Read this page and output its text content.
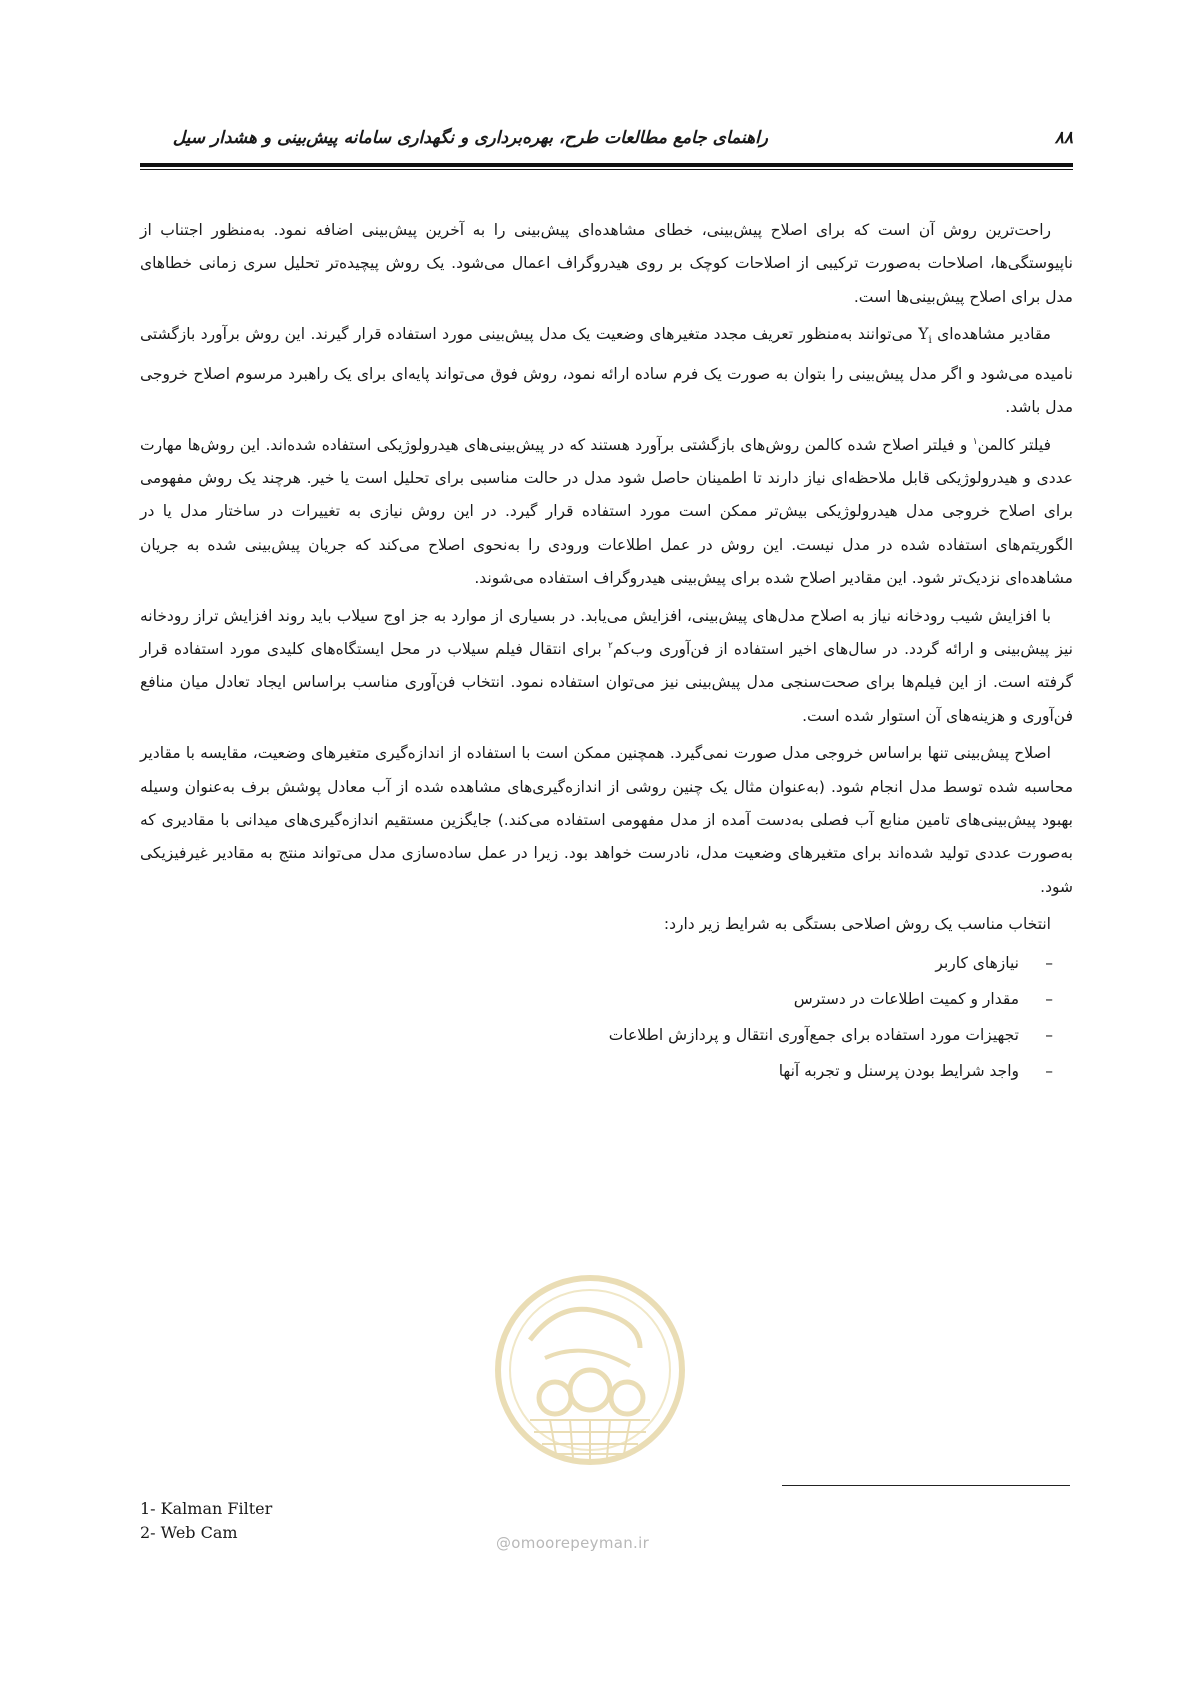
۸۸
راهنمای جامع مطالعات طرح، بهره‌برداری و نگهداری سامانه پیش‌بینی و هشدار سیل

راحت‌ترین روش آن است که برای اصلاح پیش‌بینی، خطای مشاهده‌ای پیش‌بینی را به آخرین پیش‌بینی اضافه نمود. به‌منظور اجتناب از ناپیوستگی‌ها، اصلاحات به‌صورت ترکیبی از اصلاحات کوچک بر روی هیدروگراف اعمال می‌شود. یک روش پیچیده‌تر تحلیل سری زمانی خطاهای مدل برای اصلاح پیش‌بینی‌ها است.

مقادیر مشاهده‌ای $Y_i$ می‌توانند به‌منظور تعریف مجدد متغیرهای وضعیت یک مدل پیش‌بینی مورد استفاده قرار گیرند. این روش برآورد بازگشتی نامیده می‌شود و اگر مدل پیش‌بینی را بتوان به صورت یک فرم ساده ارائه نمود، روش فوق می‌تواند پایه‌ای برای یک راهبرد مرسوم اصلاح خروجی مدل باشد.

فیلتر کالمن$^۱$ و فیلتر اصلاح شده کالمن روش‌های بازگشتی برآورد هستند که در پیش‌بینی‌های هیدرولوژیکی استفاده شده‌اند. این روش‌ها مهارت عددی و هیدرولوژیکی قابل ملاحظه‌ای نیاز دارند تا اطمینان حاصل شود مدل در حالت مناسبی برای تحلیل است یا خیر. هرچند یک روش مفهومی برای اصلاح خروجی مدل هیدرولوژیکی بیش‌تر ممکن است مورد استفاده قرار گیرد. در این روش نیازی به تغییرات در ساختار مدل یا در الگوریتم‌های استفاده شده در مدل نیست. این روش در عمل اطلاعات ورودی را به‌نحوی اصلاح می‌کند که جریان پیش‌بینی شده به جریان مشاهده‌ای نزدیک‌تر شود. این مقادیر اصلاح شده برای پیش‌بینی هیدروگراف استفاده می‌شوند.

با افزایش شیب رودخانه نیاز به اصلاح مدل‌های پیش‌بینی، افزایش می‌یابد. در بسیاری از موارد به جز اوج سیلاب باید روند افزایش تراز رودخانه نیز پیش‌بینی و ارائه گردد. در سال‌های اخیر استفاده از فن‌آوری وب‌کم$^۲$ برای انتقال فیلم سیلاب در محل ایستگاه‌های کلیدی مورد استفاده قرار گرفته است. از این فیلم‌ها برای صحت‌سنجی مدل پیش‌بینی نیز می‌توان استفاده نمود. انتخاب فن‌آوری مناسب براساس ایجاد تعادل میان منافع فن‌آوری و هزینه‌های آن استوار شده است.

اصلاح پیش‌بینی تنها براساس خروجی مدل صورت نمی‌گیرد. همچنین ممکن است با استفاده از اندازه‌گیری متغیرهای وضعیت، مقایسه با مقادیر محاسبه شده توسط مدل انجام شود. (به‌عنوان مثال یک چنین روشی از اندازه‌گیری‌های مشاهده شده از آب معادل پوشش برف به‌عنوان وسیله بهبود پیش‌بینی‌های تامین منابع آب فصلی به‌دست آمده از مدل مفهومی استفاده می‌کند.) جایگزین مستقیم اندازه‌گیری‌های میدانی با مقادیری که به‌صورت عددی تولید شده‌اند برای متغیرهای وضعیت مدل، نادرست خواهد بود. زیرا در عمل ساده‌سازی مدل می‌تواند منتج به مقادیر غیرفیزیکی شود.

انتخاب مناسب یک روش اصلاحی بستگی به شرایط زیر دارد:

–
نیازهای کاربر
–
مقدار و کمیت اطلاعات در دسترس
–
تجهیزات مورد استفاده برای جمع‌آوری انتقال و پردازش اطلاعات
–
واجد شرایط بودن پرسنل و تجربه آنها
@omoorepeyman.ir
1- Kalman Filter
2- Web Cam
